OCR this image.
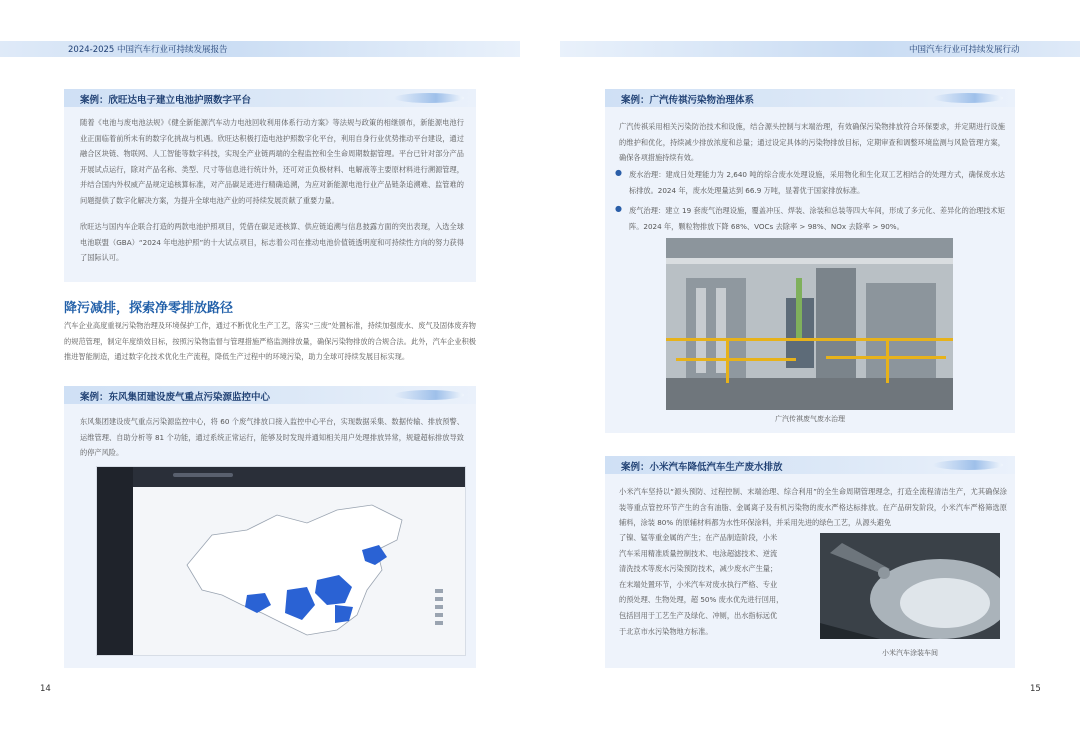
2024-2025 中国汽车行业可持续发展报告	中国汽车行业可持续发展行动
案例：欣旺达电子建立电池护照数字平台
随着《电池与废电池法规》《健全新能源汽车动力电池回收利用体系行动方案》等法规与政策的相继颁布，新能源电池行业正面临着前所未有的数字化挑战与机遇。欣旺达积极打造电池护照数字化平台，利用自身行业优势推动平台建设，通过融合区块链、物联网、人工智能等数字科技，实现全产业链两端的全程监控和全生命周期数据管理。平台已针对部分产品开展试点运行，除对产品名称、类型、尺寸等信息进行统计外，还可对正负极材料、电解液等主要原材料进行溯源管理，并结合国内外权威产品规定追核算标准，对产品碳足迹进行精确追溯，为应对新能源电池行业产品链条追溯难、监管难的问题提供了数字化解决方案，为提升全球电池产业的可持续发展贡献了重要力量。
欣旺达与国内车企联合打造的两款电池护照项目，凭借在碳足迹核算、供应链追溯与信息披露方面的突出表现，入选全球电池联盟（GBA）“2024 年电池护照”的十大试点项目，标志着公司在推动电池价值链透明度和可持续性方向的努力获得了国际认可。
降污减排，探索净零排放路径
汽车企业高度重视污染物治理及环境保护工作，通过不断优化生产工艺，落实“三废”处置标准，持续加强废水、废气及固体废弃物的规范管理，制定年度绩效目标，按照污染物监督与管理措施严格监测排放量，确保污染物排放的合规合法。此外，汽车企业积极推进智能制造，通过数字化技术优化生产流程，降低生产过程中的环境污染，助力全球可持续发展目标实现。
案例：东风集团建设废气重点污染源监控中心
东风集团建设废气重点污染源监控中心，将 60 个废气排放口接入监控中心平台，实现数据采集、数据传输、排放预警、运维管理、自助分析等 81 个功能，通过系统正常运行，能够及时发现并通知相关用户处理排放异常，规避超标排放导致的停产风险。
案例：广汽传祺污染物治理体系
广汽传祺采用相关污染防治技术和设施，结合源头控制与末端治理，有效确保污染物排放符合环保要求，并定期进行设施的维护和优化，持续减少排放浓度和总量；通过设定具体的污染物排放目标，定期审查和调整环境监测与风险管理方案，确保各项措施持续有效。
废水治理：建成日处理能力为 2,640 吨的综合废水处理设施，采用物化和生化双工艺相结合的处理方式，确保废水达标排放。2024 年，废水处理量达到 66.9 万吨，显著优于国家排放标准。
废气治理：建立 19 套废气治理设施，覆盖冲压、焊装、涂装和总装等四大车间，形成了多元化、差异化的治理技术矩阵。2024 年，颗粒物排放下降 68%、VOCs 去除率 > 98%、NOx 去除率 > 90%。
广汽传祺废气废水治理
●
●
案例：小米汽车降低汽车生产废水排放
小米汽车坚持以“源头预防、过程控制、末端治理、综合利用”的全生命周期管理理念，打造全流程清洁生产，尤其确保涂装等重点管控环节产生的含有油脂、金属离子及有机污染物的废水严格达标排放。在产品研发阶段，小米汽车严格筛选原辅料，涂装 80% 的原辅材料都为水性环保涂料，并采用先进的绿色工艺，从源头避免
了镍、锰等重金属的产生；在产品制造阶段，小米
汽车采用精准质量控制技术、电泳超滤技术、逆流
清洗技术等废水污染预防技术，减少废水产生量；
在末端处置环节，小米汽车对废水执行严格、专业
的预处理、生物处理，超 50% 废水优先进行回用，
包括回用于工艺生产及绿化、冲厕，出水指标远优
于北京市水污染物地方标准。
小米汽车涂装车间
14	15
